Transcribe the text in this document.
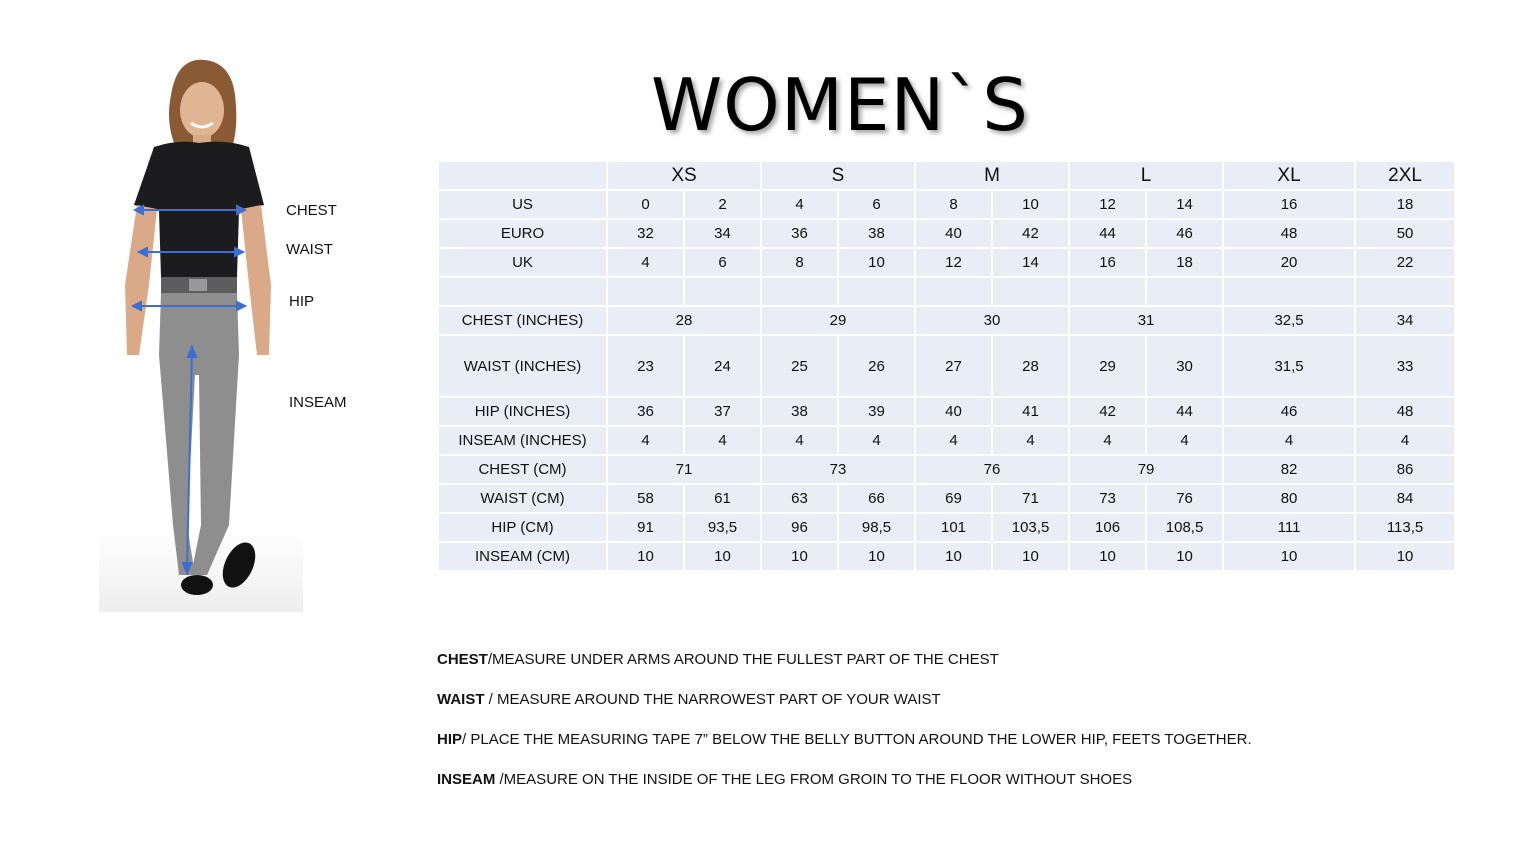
WOMEN`S
CHEST
WAIST
HIP
INSEAM
	XS		S		M		L		XL	2XL
US	0	2	4	6	8	10	12	14	16	18
EURO	32	34	36	38	40	42	44	46	48	50
UK	4	6	8	10	12	14	16	18	20	22

CHEST (INCHES)	28		29		30		31		32,5	34
WAIST (INCHES)	23	24	25	26	27	28	29	30	31,5	33
HIP (INCHES)	36	37	38	39	40	41	42	44	46	48
INSEAM (INCHES)	4	4	4	4	4	4	4	4	4	4
CHEST (CM)	71		73		76		79		82	86
WAIST (CM)	58	61	63	66	69	71	73	76	80	84
HIP (CM)	91	93,5	96	98,5	101	103,5	106	108,5	111	113,5
INSEAM (CM)	10	10	10	10	10	10	10	10	10	10
CHEST/MEASURE UNDER ARMS AROUND THE FULLEST PART OF THE CHEST
WAIST / MEASURE AROUND THE NARROWEST PART OF YOUR WAIST
HIP/ PLACE THE MEASURING TAPE 7” BELOW THE BELLY BUTTON AROUND THE LOWER HIP, FEETS TOGETHER.
INSEAM /MEASURE ON THE INSIDE OF THE LEG FROM GROIN TO THE FLOOR WITHOUT SHOES
